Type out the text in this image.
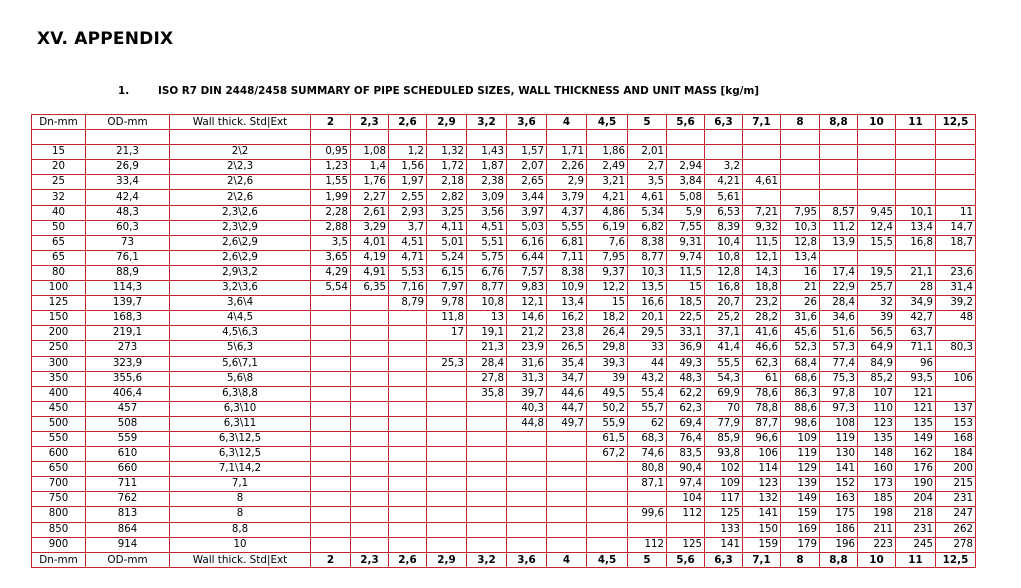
XV. APPENDIX
1.	ISO R7 DIN 2448/2458 SUMMARY OF PIPE SCHEDULED SIZES, WALL THICKNESS AND UNIT MASS [kg/m]
Dn-mm	OD-mm	Wall thick. Std|Ext	2	2,3	2,6	2,9	3,2	3,6	4	4,5	5	5,6	6,3	7,1	8	8,8	10	11	12,5

15	21,3	2\2	0,95	1,08	1,2	1,32	1,43	1,57	1,71	1,86	2,01								
20	26,9	2\2,3	1,23	1,4	1,56	1,72	1,87	2,07	2,26	2,49	2,7	2,94	3,2						
25	33,4	2\2,6	1,55	1,76	1,97	2,18	2,38	2,65	2,9	3,21	3,5	3,84	4,21	4,61					
32	42,4	2\2,6	1,99	2,27	2,55	2,82	3,09	3,44	3,79	4,21	4,61	5,08	5,61						
40	48,3	2,3\2,6	2,28	2,61	2,93	3,25	3,56	3,97	4,37	4,86	5,34	5,9	6,53	7,21	7,95	8,57	9,45	10,1	11
50	60,3	2,3\2,9	2,88	3,29	3,7	4,11	4,51	5,03	5,55	6,19	6,82	7,55	8,39	9,32	10,3	11,2	12,4	13,4	14,7
65	73	2,6\2,9	3,5	4,01	4,51	5,01	5,51	6,16	6,81	7,6	8,38	9,31	10,4	11,5	12,8	13,9	15,5	16,8	18,7
65	76,1	2,6\2,9	3,65	4,19	4,71	5,24	5,75	6,44	7,11	7,95	8,77	9,74	10,8	12,1	13,4				
80	88,9	2,9\3,2	4,29	4,91	5,53	6,15	6,76	7,57	8,38	9,37	10,3	11,5	12,8	14,3	16	17,4	19,5	21,1	23,6
100	114,3	3,2\3,6	5,54	6,35	7,16	7,97	8,77	9,83	10,9	12,2	13,5	15	16,8	18,8	21	22,9	25,7	28	31,4
125	139,7	3,6\4			8,79	9,78	10,8	12,1	13,4	15	16,6	18,5	20,7	23,2	26	28,4	32	34,9	39,2
150	168,3	4\4,5				11,8	13	14,6	16,2	18,2	20,1	22,5	25,2	28,2	31,6	34,6	39	42,7	48
200	219,1	4,5\6,3				17	19,1	21,2	23,8	26,4	29,5	33,1	37,1	41,6	45,6	51,6	56,5	63,7	
250	273	5\6,3					21,3	23,9	26,5	29,8	33	36,9	41,4	46,6	52,3	57,3	64,9	71,1	80,3
300	323,9	5,6\7,1				25,3	28,4	31,6	35,4	39,3	44	49,3	55,5	62,3	68,4	77,4	84,9	96	
350	355,6	5,6\8					27,8	31,3	34,7	39	43,2	48,3	54,3	61	68,6	75,3	85,2	93,5	106
400	406,4	6,3\8,8					35,8	39,7	44,6	49,5	55,4	62,2	69,9	78,6	86,3	97,8	107	121	
450	457	6,3\10						40,3	44,7	50,2	55,7	62,3	70	78,8	88,6	97,3	110	121	137
500	508	6,3\11						44,8	49,7	55,9	62	69,4	77,9	87,7	98,6	108	123	135	153
550	559	6,3\12,5								61,5	68,3	76,4	85,9	96,6	109	119	135	149	168
600	610	6,3\12,5								67,2	74,6	83,5	93,8	106	119	130	148	162	184
650	660	7,1\14,2									80,8	90,4	102	114	129	141	160	176	200
700	711	7,1									87,1	97,4	109	123	139	152	173	190	215
750	762	8										104	117	132	149	163	185	204	231
800	813	8									99,6	112	125	141	159	175	198	218	247
850	864	8,8											133	150	169	186	211	231	262
900	914	10									112	125	141	159	179	196	223	245	278
Dn-mm	OD-mm	Wall thick. Std|Ext	2	2,3	2,6	2,9	3,2	3,6	4	4,5	5	5,6	6,3	7,1	8	8,8	10	11	12,5
